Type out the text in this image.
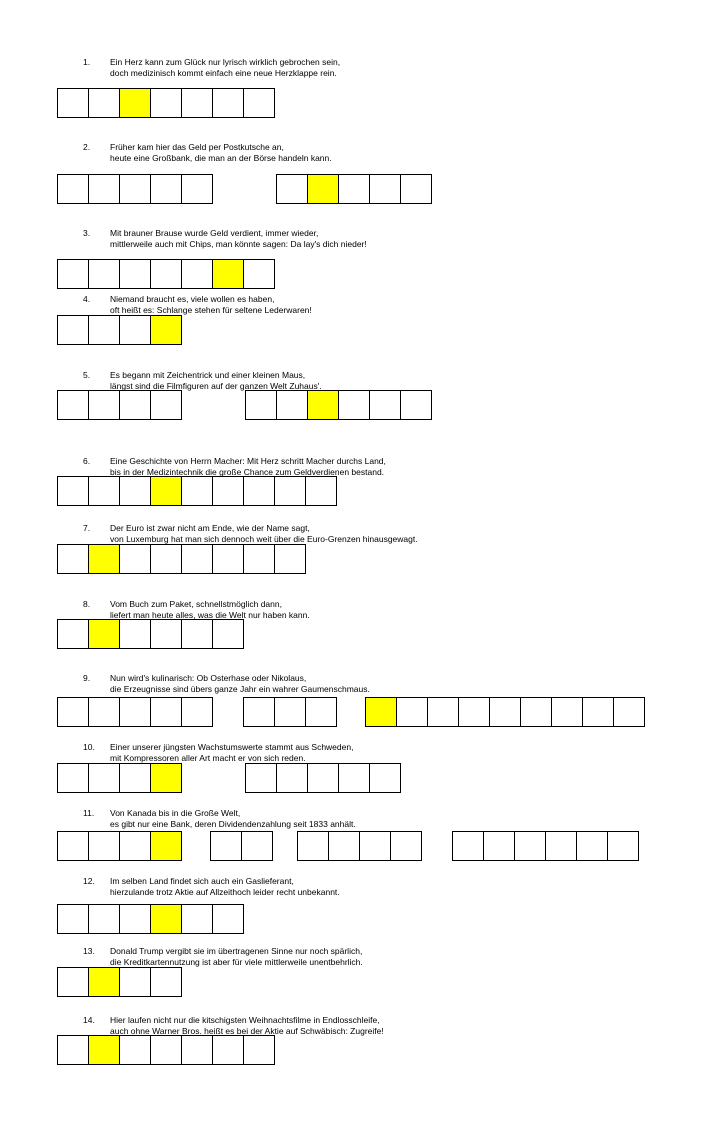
1. Ein Herz kann zum Glück nur lyrisch wirklich gebrochen sein,
doch medizinisch kommt einfach eine neue Herzklappe rein.
2. Früher kam hier das Geld per Postkutsche an,
heute eine Großbank, die man an der Börse handeln kann.
3. Mit brauner Brause wurde Geld verdient, immer wieder,
mittlerweile auch mit Chips, man könnte sagen: Da lay's dich nieder!
4. Niemand braucht es, viele wollen es haben,
oft heißt es: Schlange stehen für seltene Lederwaren!
5. Es begann mit Zeichentrick und einer kleinen Maus,
längst sind die Filmfiguren auf der ganzen Welt Zuhaus'.
6. Eine Geschichte von Herrn Macher: Mit Herz schritt Macher durchs Land,
bis in der Medizintechnik die große Chance zum Geldverdienen bestand.
7. Der Euro ist zwar nicht am Ende, wie der Name sagt,
von Luxemburg hat man sich dennoch weit über die Euro-Grenzen hinausgewagt.
8. Vom Buch zum Paket, schnellstmöglich dann,
liefert man heute alles, was die Welt nur haben kann.
9. Nun wird's kulinarisch: Ob Osterhase oder Nikolaus,
die Erzeugnisse sind übers ganze Jahr ein wahrer Gaumenschmaus.
10. Einer unserer jüngsten Wachstumswerte stammt aus Schweden,
mit Kompressoren aller Art macht er von sich reden.
11. Von Kanada bis in die Große Welt,
es gibt nur eine Bank, deren Dividendenzahlung seit 1833 anhält.
12. Im selben Land findet sich auch ein Gaslieferant,
hierzulande trotz Aktie auf Allzeithoch leider recht unbekannt.
13. Donald Trump vergibt sie im übertragenen Sinne nur noch spärlich,
die Kreditkartennutzung ist aber für viele mittlerweile unentbehrlich.
14. Hier laufen nicht nur die kitschigsten Weihnachtsfilme in Endlosschleife,
auch ohne Warner Bros. heißt es bei der Aktie auf Schwäbisch: Zugreife!
